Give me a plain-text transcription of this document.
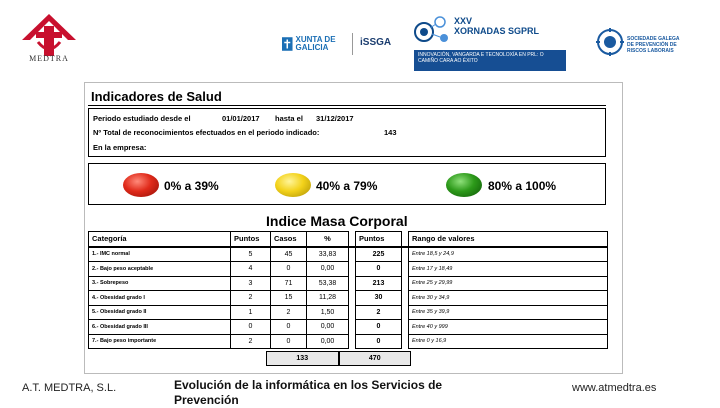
MEDTRA
XUNTA DE GALICIA	iSSGA
XXV
XORNADAS SGPRL
INNOVACIÓN, VANGARDA E TECNOLOXÍA EN PRL: O CAMIÑO CARA AO ÉXITO
SOCIEDADE GALEGA DE PREVENCIÓN DE RISCOS LABORAIS
Indicadores de Salud
Periodo estudiado desde el	01/01/2017 hasta el 31/12/2017
Nº Total de reconocimientos efectuados en el periodo indicado:	143
En la empresa:
0% a 39%	40% a 79%	80% a 100%
Indice Masa Corporal
Categoría	Puntos	Casos	%		Puntos		Rango de valores
1.- IMC normal	5	45	33,83		225		Entre 18,5 y 24,9
2.- Bajo peso aceptable	4	0	0,00		0		Entre 17 y 18,49
3.- Sobrepeso	3	71	53,38		213		Entre 25 y 29,99
4.- Obesidad grado I	2	15	11,28		30		Entre 30 y 34,9
5.- Obesidad grado II	1	2	1,50		2		Entre 35 y 39,9
6.- Obesidad grado III	0	0	0,00		0		Entre 40 y 999
7.- Bajo peso importante	2	0	0,00		0		Entre 0 y 16,9
133	470
A.T. MEDTRA, S.L.	Evolución de la informática en los Servicios de Prevención
www.atmedtra.es
